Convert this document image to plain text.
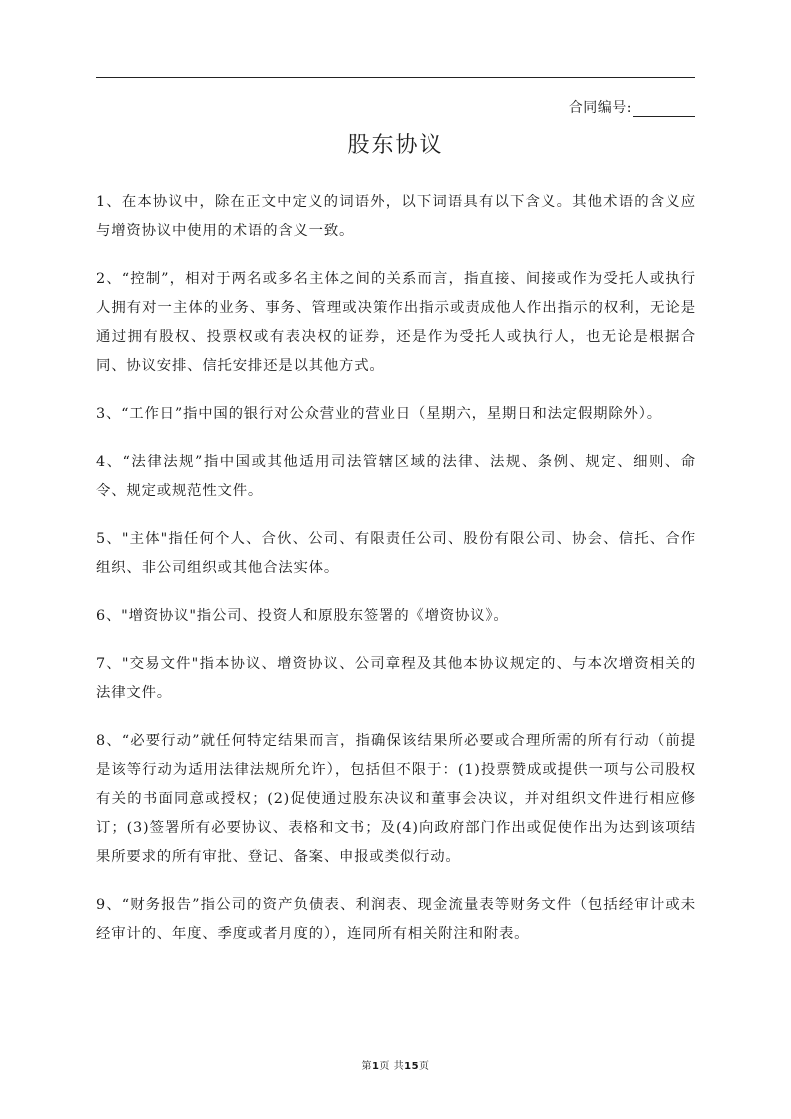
合同编号:
股东协议

1、在本协议中，除在正文中定义的词语外，以下词语具有以下含义。其他术语的含义应与增资协议中使用的术语的含义一致。

2、“控制”，相对于两名或多名主体之间的关系而言，指直接、间接或作为受托人或执行人拥有对一主体的业务、事务、管理或决策作出指示或责成他人作出指示的权利，无论是通过拥有股权、投票权或有表决权的证券，还是作为受托人或执行人，也无论是根据合同、协议安排、信托安排还是以其他方式。

3、“工作日”指中国的银行对公众营业的营业日（星期六，星期日和法定假期除外）。

4、“法律法规”指中国或其他适用司法管辖区域的法律、法规、条例、规定、细则、命令、规定或规范性文件。

5、"主体"指任何个人、合伙、公司、有限责任公司、股份有限公司、协会、信托、合作组织、非公司组织或其他合法实体。

6、"增资协议"指公司、投资人和原股东签署的《增资协议》。

7、"交易文件"指本协议、增资协议、公司章程及其他本协议规定的、与本次增资相关的法律文件。

8、“必要行动”就任何特定结果而言，指确保该结果所必要或合理所需的所有行动（前提是该等行动为适用法律法规所允许），包括但不限于：(1)投票赞成或提供一项与公司股权有关的书面同意或授权；(2)促使通过股东决议和董事会决议，并对组织文件进行相应修订；(3)签署所有必要协议、表格和文书；及(4)向政府部门作出或促使作出为达到该项结果所要求的所有审批、登记、备案、申报或类似行动。

9、“财务报告”指公司的资产负债表、利润表、现金流量表等财务文件（包括经审计或未经审计的、年度、季度或者月度的），连同所有相关附注和附表。

第1页 共15页
